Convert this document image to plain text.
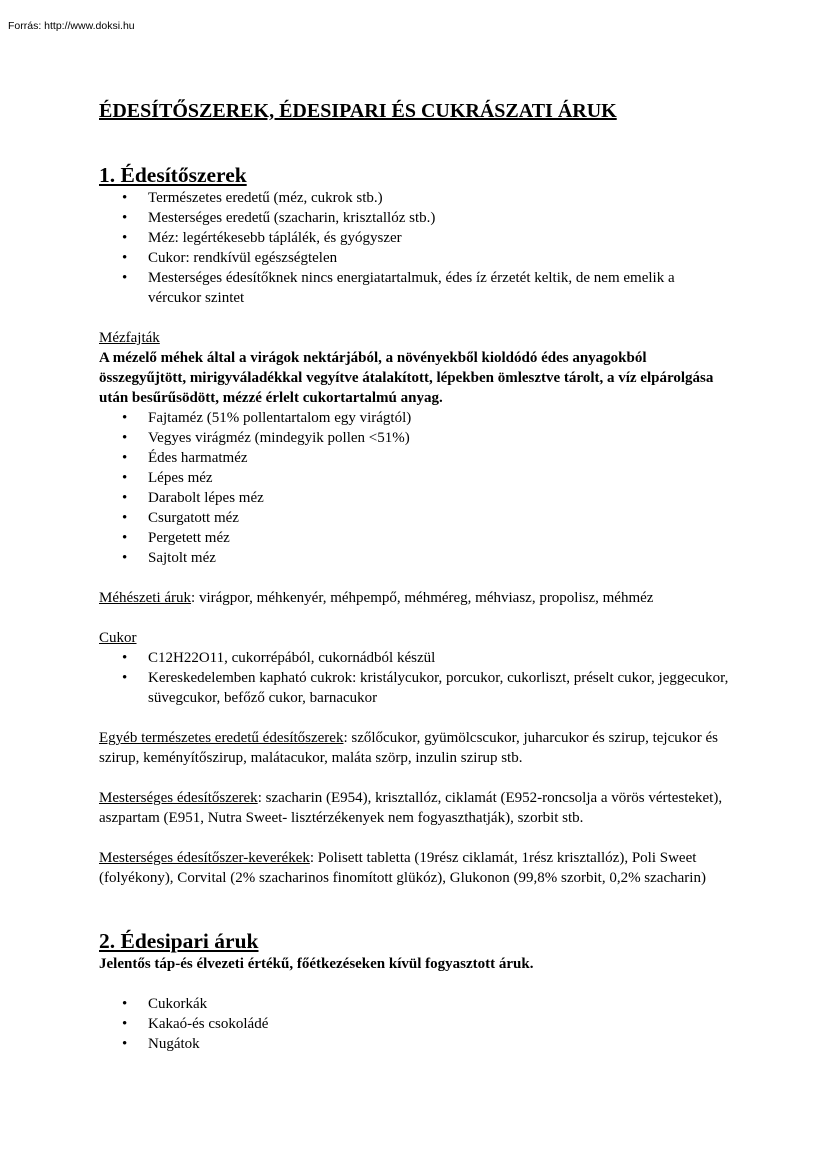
Forrás: http://www.doksi.hu
ÉDESÍTŐSZEREK, ÉDESIPARI ÉS CUKRÁSZATI ÁRUK
1. Édesítőszerek
• Természetes eredetű (méz, cukrok stb.)
• Mesterséges eredetű (szacharin, krisztallóz stb.)
• Méz: legértékesebb táplálék, és gyógyszer
• Cukor: rendkívül egészségtelen
• Mesterséges édesítőknek nincs energiatartalmuk, édes íz érzetét keltik, de nem emelik a vércukor szintet

Mézfajták

A mézelő méhek által a virágok nektárjából, a növényekből kioldódó édes anyagokból összegyűjtött, mirigyváladékkal vegyítve átalakított, lépekben ömlesztve tárolt, a víz elpárolgása után besűrűsödött, mézzé érlelt cukortartalmú anyag.

• Fajtaméz (51% pollentartalom egy virágtól)
• Vegyes virágméz (mindegyik pollen <51%)
• Édes harmatméz
• Lépes méz
• Darabolt lépes méz
• Csurgatott méz
• Pergetett méz
• Sajtolt méz

Méhészeti áruk: virágpor, méhkenyér, méhpempő, méhméreg, méhviasz, propolisz, méhméz

Cukor

• C12H22O11, cukorrépából, cukornádból készül
• Kereskedelemben kapható cukrok: kristálycukor, porcukor, cukorliszt, préselt cukor, jeggecukor, süvegcukor, befőző cukor, barnacukor

Egyéb természetes eredetű édesítőszerek: szőlőcukor, gyümölcscukor, juharcukor és szirup, tejcukor és szirup, keményítőszirup, malátacukor, maláta szörp, inzulin szirup stb.

Mesterséges édesítőszerek: szacharin (E954), krisztallóz, ciklamát (E952-roncsolja a vörös vértesteket), aszpartam (E951, Nutra Sweet- lisztérzékenyek nem fogyaszthatják), szorbit stb.

Mesterséges édesítőszer-keverékek: Polisett tabletta (19rész ciklamát, 1rész krisztallóz), Poli Sweet (folyékony), Corvital (2% szacharinos finomított glükóz), Glukonon (99,8% szorbit, 0,2% szacharin)

2. Édesipari áruk

Jelentős táp-és élvezeti értékű, főétkezéseken kívül fogyasztott áruk.

• Cukorkák
• Kakaó-és csokoládé
• Nugátok
